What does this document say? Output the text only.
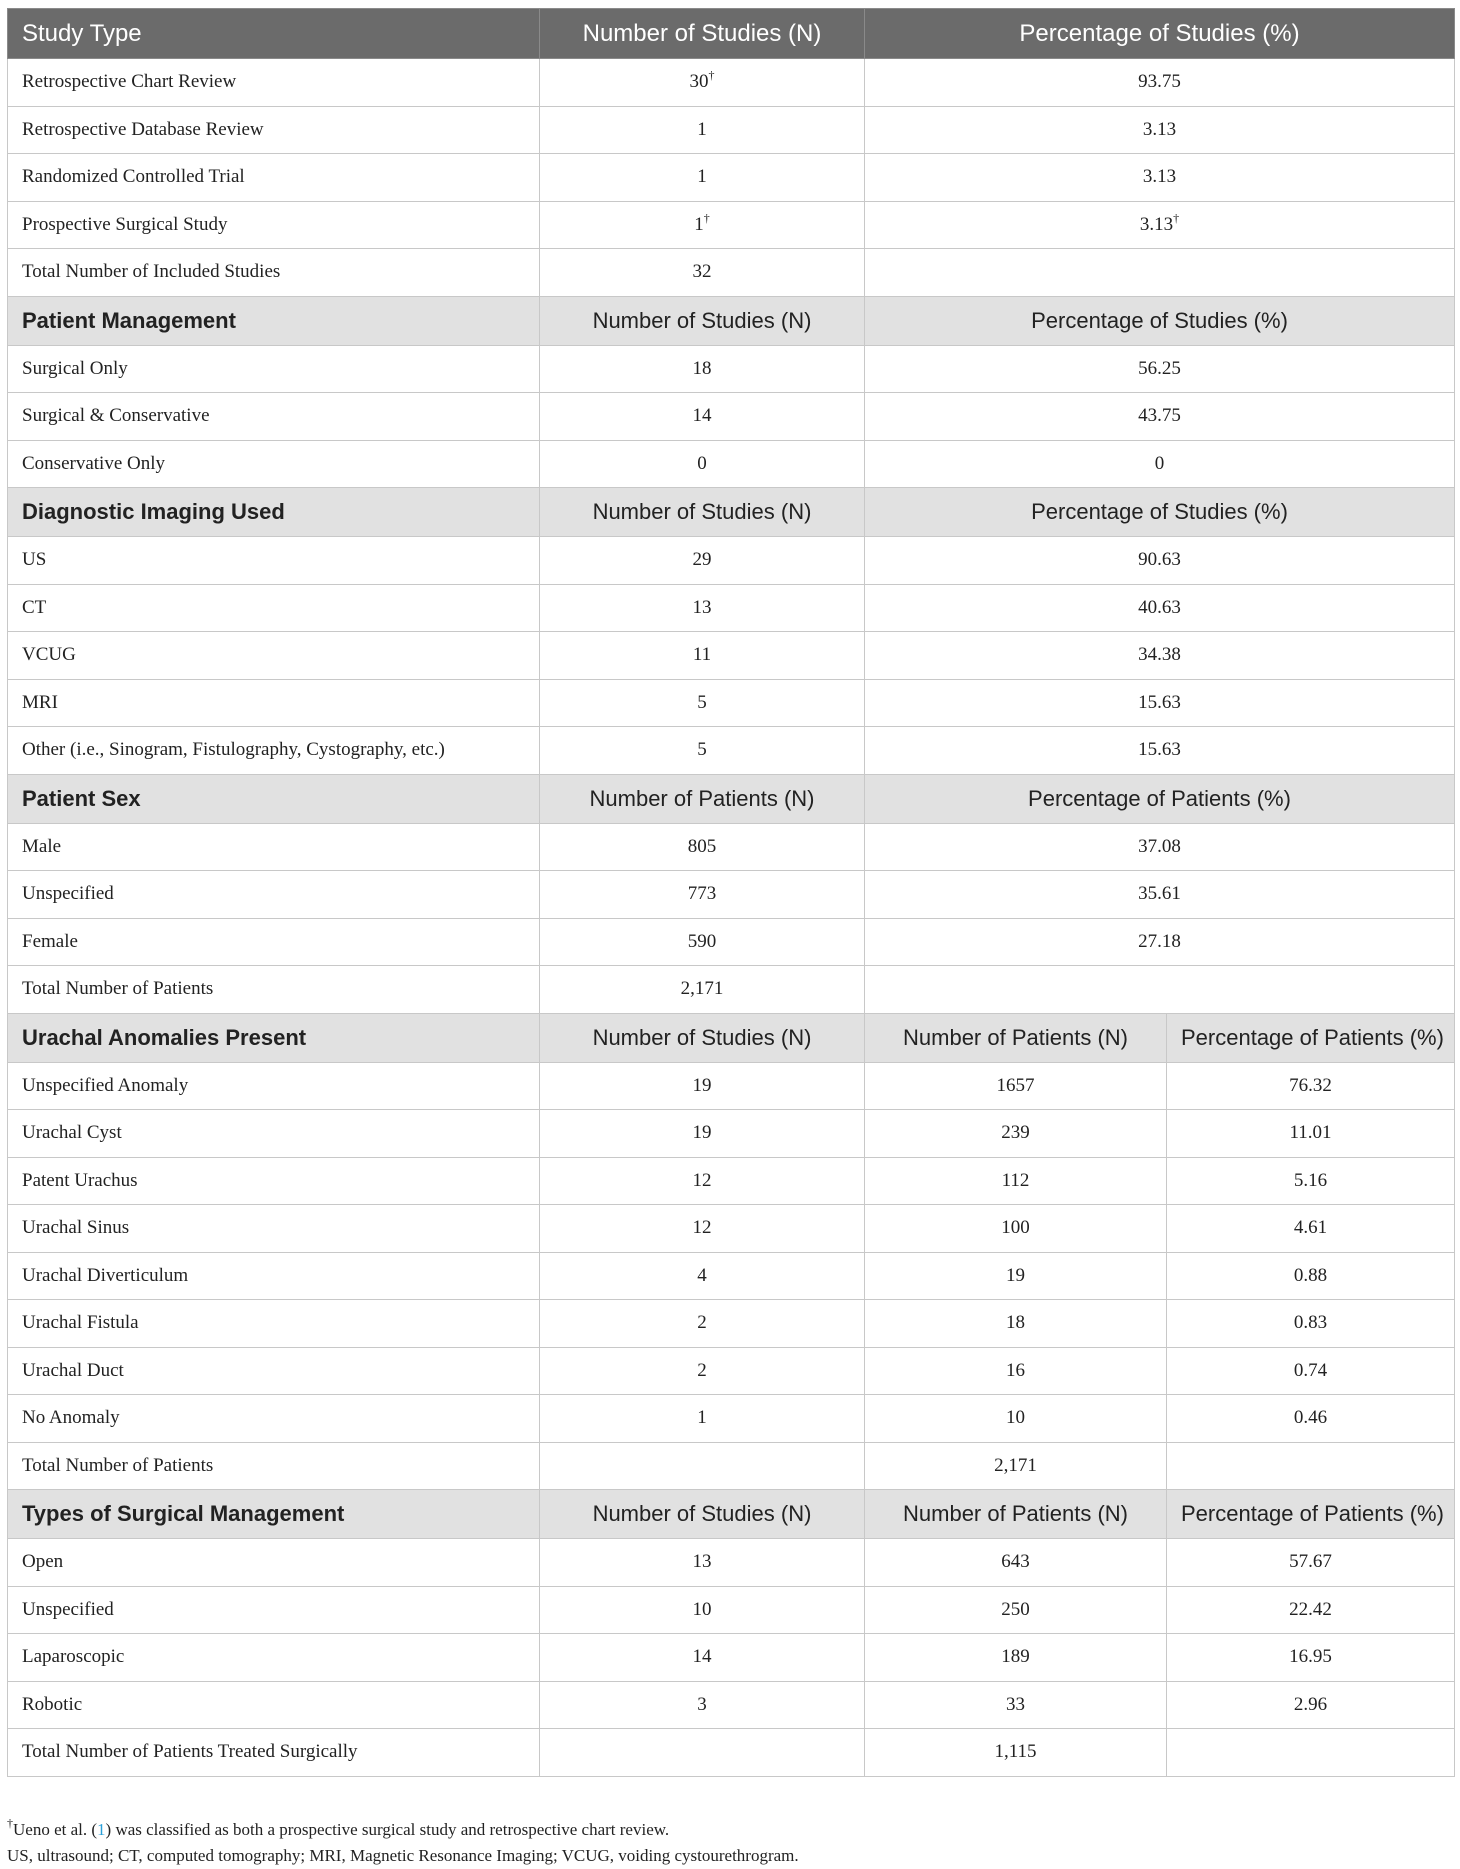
Study Type	Number of Studies (N)	Percentage of Studies (%)	
Retrospective Chart Review	30†	93.75	
Retrospective Database Review	1	3.13	
Randomized Controlled Trial	1	3.13	
Prospective Surgical Study	1†	3.13†
Total Number of Included Studies	32		
Patient Management	Number of Studies (N)	Percentage of Studies (%)	
Surgical Only	18	56.25	
Surgical & Conservative	14	43.75	
Conservative Only	0	0	
Diagnostic Imaging Used	Number of Studies (N)	Percentage of Studies (%)	
US	29	90.63	
CT	13	40.63	
VCUG	11	34.38	
MRI	5	15.63	
Other (i.e., Sinogram, Fistulography, Cystography, etc.)	5	15.63	
Patient Sex	Number of Patients (N)	Percentage of Patients (%)	
Male	805	37.08	
Unspecified	773	35.61	
Female	590	27.18	
Total Number of Patients	2,171		
Urachal Anomalies Present	Number of Studies (N)	Number of Patients (N)	Percentage of Patients (%)
Unspecified Anomaly	19	1657	76.32
Urachal Cyst	19	239	11.01
Patent Urachus	12	112	5.16
Urachal Sinus	12	100	4.61
Urachal Diverticulum	4	19	0.88
Urachal Fistula	2	18	0.83
Urachal Duct	2	16	0.74
No Anomaly	1	10	0.46
Total Number of Patients		2,171	
Types of Surgical Management	Number of Studies (N)	Number of Patients (N)	Percentage of Patients (%)
Open	13	643	57.67
Unspecified	10	250	22.42
Laparoscopic	14	189	16.95
Robotic	3	33	2.96
Total Number of Patients Treated Surgically		1,115	
†Ueno et al. (1) was classified as both a prospective surgical study and retrospective chart review.
US, ultrasound; CT, computed tomography; MRI, Magnetic Resonance Imaging; VCUG, voiding cystourethrogram.
